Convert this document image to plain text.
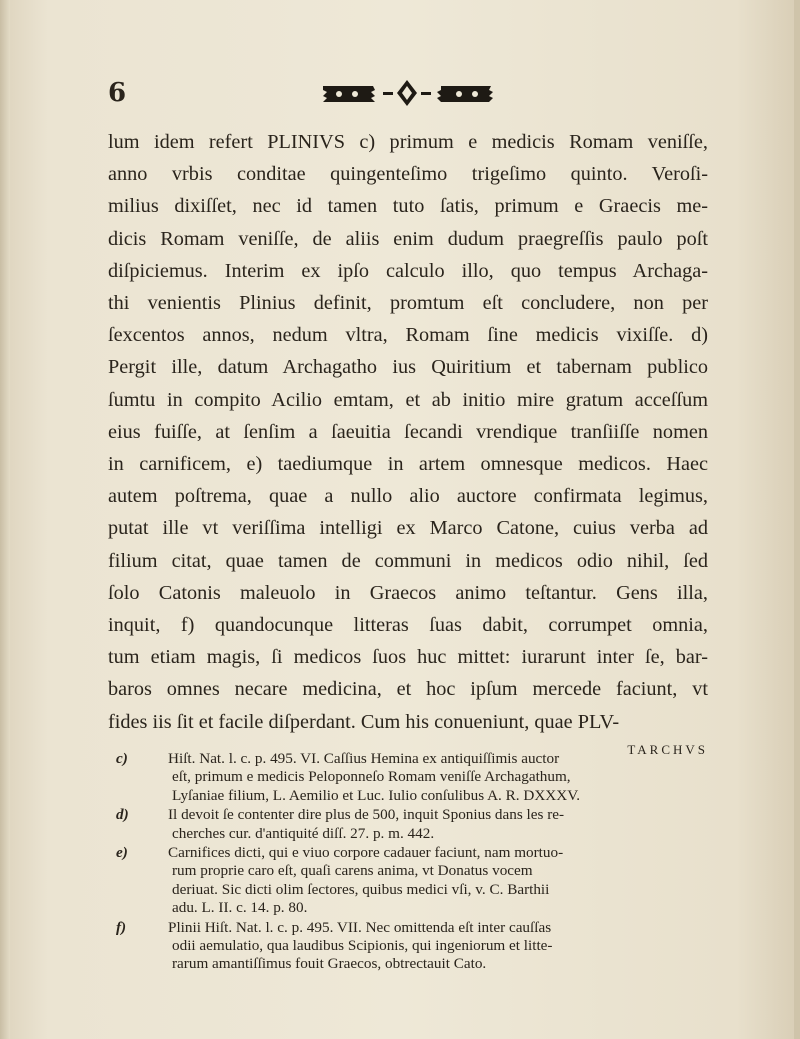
6
lum idem refert PLINIVS c) primum e medicis Romam veniſſe,
anno vrbis conditae quingenteſimo trigeſimo quinto. Veroſi-
milius dixiſſet, nec id tamen tuto ſatis, primum e Graecis me-
dicis Romam veniſſe, de aliis enim dudum praegreſſis paulo poſt
diſpiciemus. Interim ex ipſo calculo illo, quo tempus Archaga-
thi venientis Plinius definit, promtum eſt concludere, non per
ſexcentos annos, nedum vltra, Romam ſine medicis vixiſſe. d)
Pergit ille, datum Archagatho ius Quiritium et tabernam publico
ſumtu in compito Acilio emtam, et ab initio mire gratum acceſſum
eius fuiſſe, at ſenſim a ſaeuitia ſecandi vrendique tranſiiſſe nomen
in carnificem, e) taediumque in artem omnesque medicos. Haec
autem poſtrema, quae a nullo alio auctore confirmata legimus,
putat ille vt veriſſima intelligi ex Marco Catone, cuius verba ad
filium citat, quae tamen de communi in medicos odio nihil, ſed
ſolo Catonis maleuolo in Graecos animo teſtantur. Gens illa,
inquit, f) quandocunque litteras ſuas dabit, corrumpet omnia,
tum etiam magis, ſi medicos ſuos huc mittet: iurarunt inter ſe, bar-
baros omnes necare medicina, et hoc ipſum mercede faciunt, vt
fides iis ſit et facile diſperdant. Cum his conueniunt, quae PLV-
TARCHVS
c)	Hiſt. Nat. l. c. p. 495. VI. Caſſius Hemina ex antiquiſſimis auctor
eſt, primum e medicis Peloponneſo Romam veniſſe Archagathum,
Lyſaniae filium, L. Aemilio et Luc. Iulio conſulibus A. R. DXXXV.
d)	Il devoit ſe contenter dire plus de 500, inquit Sponius dans les re-
cherches cur. d'antiquité diſſ. 27. p. m. 442.
e)	Carnifices dicti, qui e viuo corpore cadauer faciunt, nam mortuo-
rum proprie caro eſt, quaſi carens anima, vt Donatus vocem
deriuat. Sic dicti olim ſectores, quibus medici vſi, v. C. Barthii
adu. L. II. c. 14. p. 80.
f)	Plinii Hiſt. Nat. l. c. p. 495. VII. Nec omittenda eſt inter cauſſas
odii aemulatio, qua laudibus Scipionis, qui ingeniorum et litte-
rarum amantiſſimus fouit Graecos, obtrectauit Cato.
